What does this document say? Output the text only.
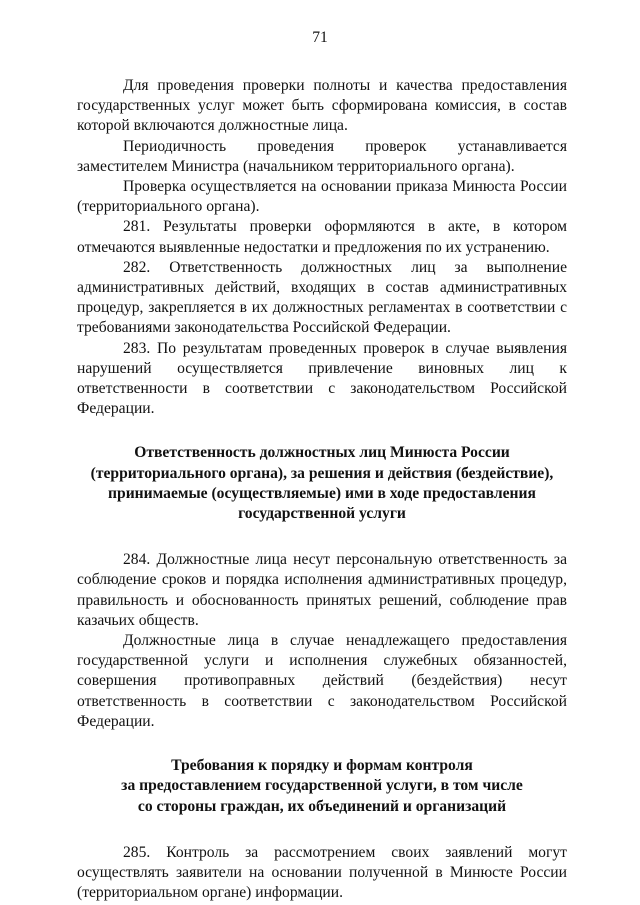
71

Для проведения проверки полноты и качества предоставления государственных услуг может быть сформирована комиссия, в состав которой включаются должностные лица.

Периодичность проведения проверок устанавливается заместителем Министра (начальником территориального органа).

Проверка осуществляется на основании приказа Минюста России (территориального органа).

281. Результаты проверки оформляются в акте, в котором отмечаются выявленные недостатки и предложения по их устранению.

282. Ответственность должностных лиц за выполнение административных действий, входящих в состав административных процедур, закрепляется в их должностных регламентах в соответствии с требованиями законодательства Российской Федерации.

283. По результатам проведенных проверок в случае выявления нарушений осуществляется привлечение виновных лиц к ответственности в соответствии с законодательством Российской Федерации.

Ответственность должностных лиц Минюста России
(территориального органа), за решения и действия (бездействие),
принимаемые (осуществляемые) ими в ходе предоставления
государственной услуги

284. Должностные лица несут персональную ответственность за соблюдение сроков и порядка исполнения административных процедур, правильность и обоснованность принятых решений, соблюдение прав казачьих обществ.

Должностные лица в случае ненадлежащего предоставления государственной услуги и исполнения служебных обязанностей, совершения противоправных действий (бездействия) несут ответственность в соответствии с законодательством Российской Федерации.

Требования к порядку и формам контроля
за предоставлением государственной услуги, в том числе
со стороны граждан, их объединений и организаций

285. Контроль за рассмотрением своих заявлений могут осуществлять заявители на основании полученной в Минюсте России (территориальном органе) информации.
